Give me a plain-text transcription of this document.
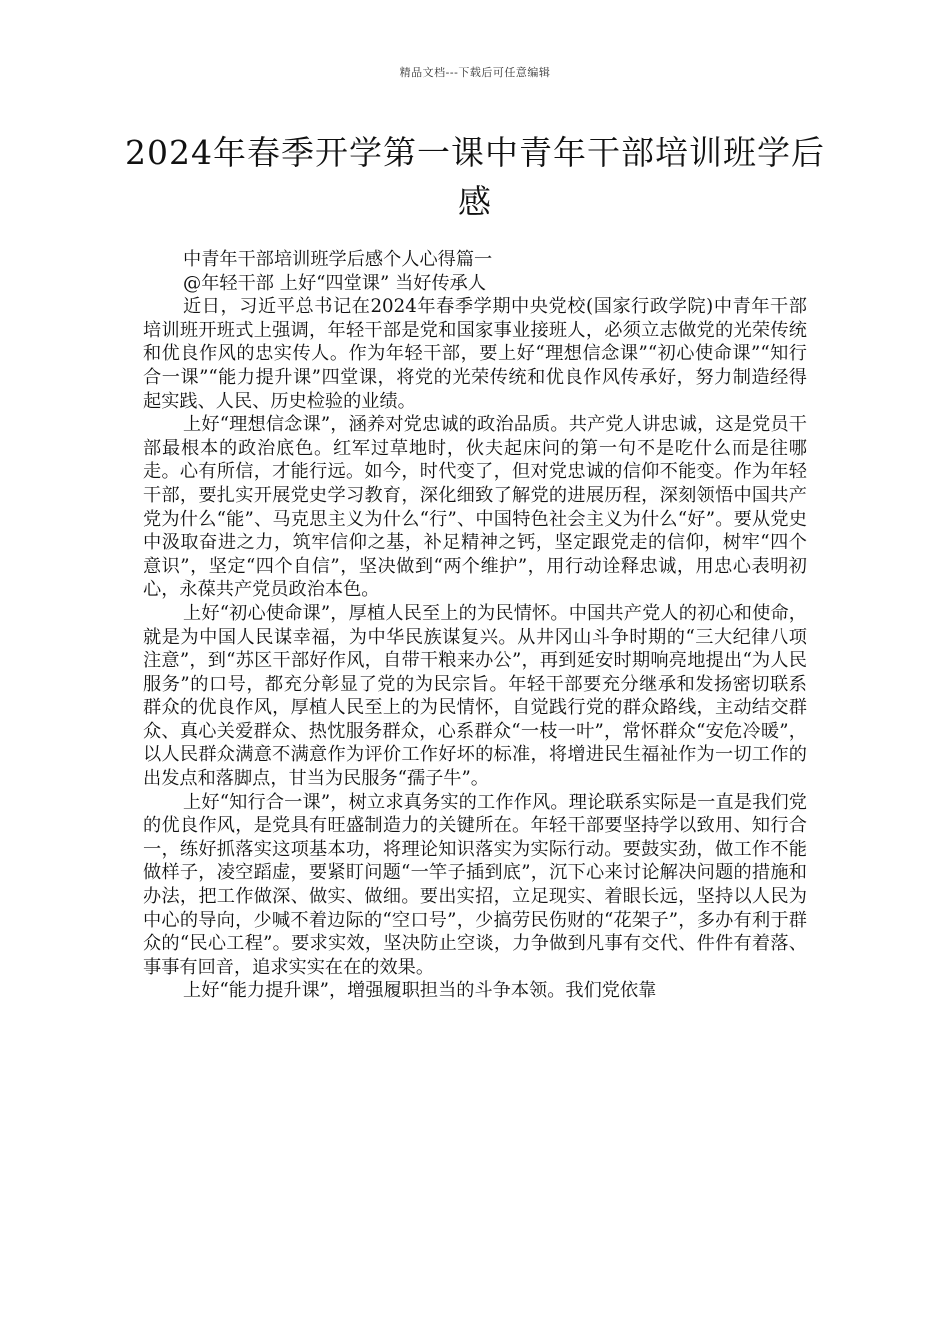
精品文档---下载后可任意编辑
2024年春季开学第一课中青年干部培训班学后感

中青年干部培训班学后感个人心得篇一

@年轻干部 上好“四堂课” 当好传承人

近日，习近平总书记在2024年春季学期中央党校(国家行政学院)中青年干部培训班开班式上强调，年轻干部是党和国家事业接班人，必须立志做党的光荣传统和优良作风的忠实传人。作为年轻干部，要上好“理想信念课”“初心使命课”“知行合一课”“能力提升课”四堂课，将党的光荣传统和优良作风传承好，努力制造经得起实践、人民、历史检验的业绩。

上好“理想信念课”，涵养对党忠诚的政治品质。共产党人讲忠诚，这是党员干部最根本的政治底色。红军过草地时，伙夫起床问的第一句不是吃什么而是往哪走。心有所信，才能行远。如今，时代变了，但对党忠诚的信仰不能变。作为年轻干部，要扎实开展党史学习教育，深化细致了解党的进展历程，深刻领悟中国共产党为什么“能”、马克思主义为什么“行”、中国特色社会主义为什么“好”。要从党史中汲取奋进之力，筑牢信仰之基，补足精神之钙，坚定跟党走的信仰，树牢“四个意识”，坚定“四个自信”，坚决做到“两个维护”，用行动诠释忠诚，用忠心表明初心，永葆共产党员政治本色。

上好“初心使命课”，厚植人民至上的为民情怀。中国共产党人的初心和使命，就是为中国人民谋幸福，为中华民族谋复兴。从井冈山斗争时期的“三大纪律八项注意”，到“苏区干部好作风，自带干粮来办公”，再到延安时期响亮地提出“为人民服务”的口号，都充分彰显了党的为民宗旨。年轻干部要充分继承和发扬密切联系群众的优良作风，厚植人民至上的为民情怀，自觉践行党的群众路线，主动结交群众、真心关爱群众、热忱服务群众，心系群众“一枝一叶”，常怀群众“安危冷暖”，以人民群众满意不满意作为评价工作好坏的标准，将增进民生福祉作为一切工作的出发点和落脚点，甘当为民服务“孺子牛”。

上好“知行合一课”，树立求真务实的工作作风。理论联系实际是一直是我们党的优良作风，是党具有旺盛制造力的关键所在。年轻干部要坚持学以致用、知行合一，练好抓落实这项基本功，将理论知识落实为实际行动。要鼓实劲，做工作不能做样子，凌空蹈虚，要紧盯问题“一竿子插到底”，沉下心来讨论解决问题的措施和办法，把工作做深、做实、做细。要出实招，立足现实、着眼长远，坚持以人民为中心的导向，少喊不着边际的“空口号”，少搞劳民伤财的“花架子”，多办有利于群众的“民心工程”。要求实效，坚决防止空谈，力争做到凡事有交代、件件有着落、事事有回音，追求实实在在的效果。

上好“能力提升课”，增强履职担当的斗争本领。我们党依靠
